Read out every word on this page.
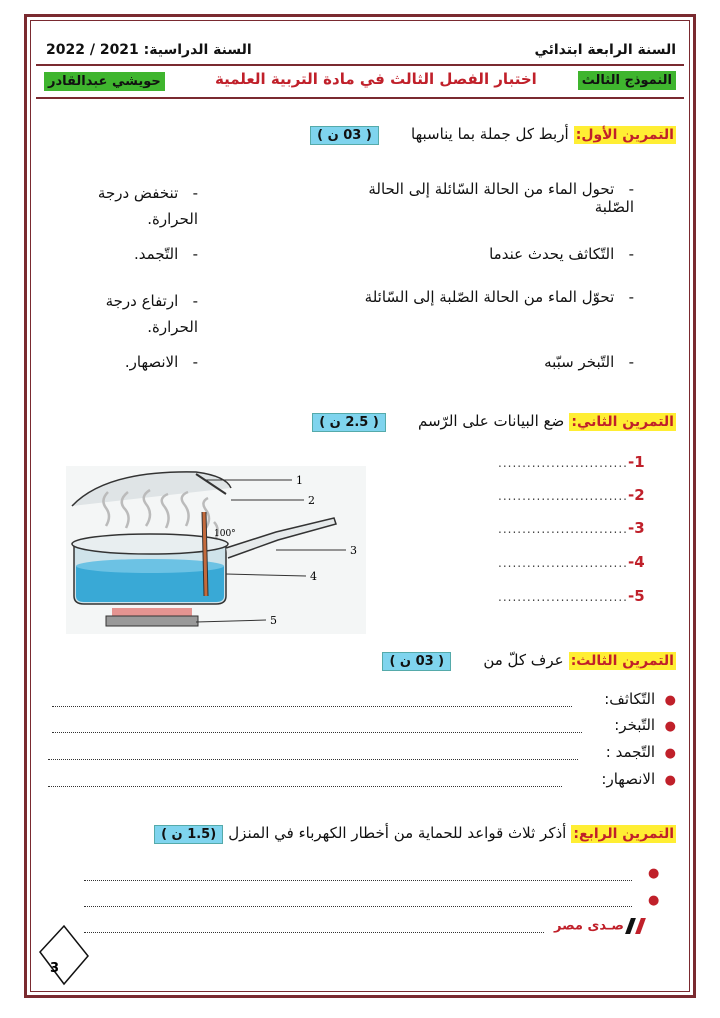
السنة الرابعة ابتدائي
السنة الدراسية: 2022 / 2021
النموذج الثالث
اختبار الفصل الثالث في مادة التربية العلمية
حويشي عبدالقادر
التمرين الأول: أربط كل جملة بما يناسبها  ( 03 ن )
-   تحول الماء من الحالة السّائلة إلى الحالة الصّلبة
-   التّكاثف يحدث عندما
-   تحوّل الماء من الحالة الصّلبة إلى السّائلة
-   التّبخر سبّبه
-   تنخفض درجة الحرارة.
-   التّجمد.
-   ارتفاع درجة الحرارة.
-   الانصهار.
التمرين الثاني: ضع البيانات على الرّسم  ( 2.5 ن )
...........................-1
...........................-2
...........................-3
...........................-4
...........................-5
1
2
100°
3
4
5
التمرين الثالث: عرف كلّ من  ( 03 ن )
●  التّكاثف:
●  التّبخر:
●  التّجمد :
●  الانصهار:
التمرين الرابع: أذكر ثلاث قواعد للحماية من أخطار الكهرباء في المنزل (1.5 ن )
●
●
صـدى مصر
3
